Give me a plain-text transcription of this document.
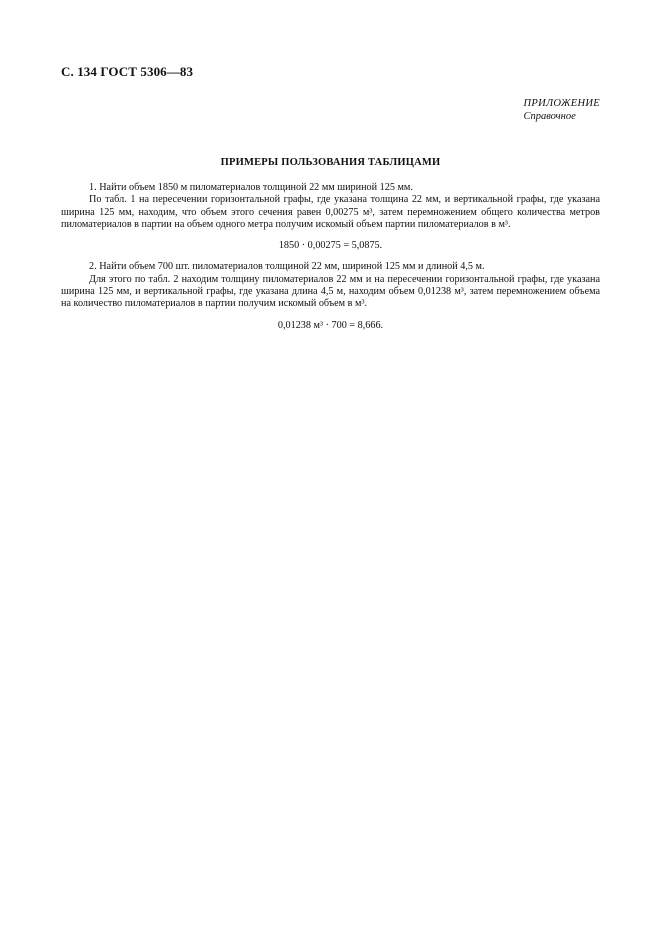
С. 134 ГОСТ 5306—83
ПРИЛОЖЕНИЕ
Справочное
ПРИМЕРЫ ПОЛЬЗОВАНИЯ ТАБЛИЦАМИ

1. Найти объем 1850 м пиломатериалов толщиной 22 мм шириной 125 мм.

По табл. 1 на пересечении горизонтальной графы, где указана толщина 22 мм, и вертикальной графы, где указана ширина 125 мм, находим, что объем этого сечения равен 0,00275 м³, затем перемножением общего количества метров пиломатериалов в партии на объем одного метра получим искомый объем партии пиломатериалов в м³.

1850 · 0,00275 = 5,0875.

2. Найти объем 700 шт. пиломатериалов толщиной 22 мм, шириной 125 мм и длиной 4,5 м.

Для этого по табл. 2 находим толщину пиломатериалов 22 мм и на пересечении горизонтальной графы, где указана ширина 125 мм, и вертикальной графы, где указана длина 4,5 м, находим объем 0,01238 м³, затем перемножением объема на количество пиломатериалов в партии получим искомый объем в м³.

0,01238 м³ · 700 = 8,666.
